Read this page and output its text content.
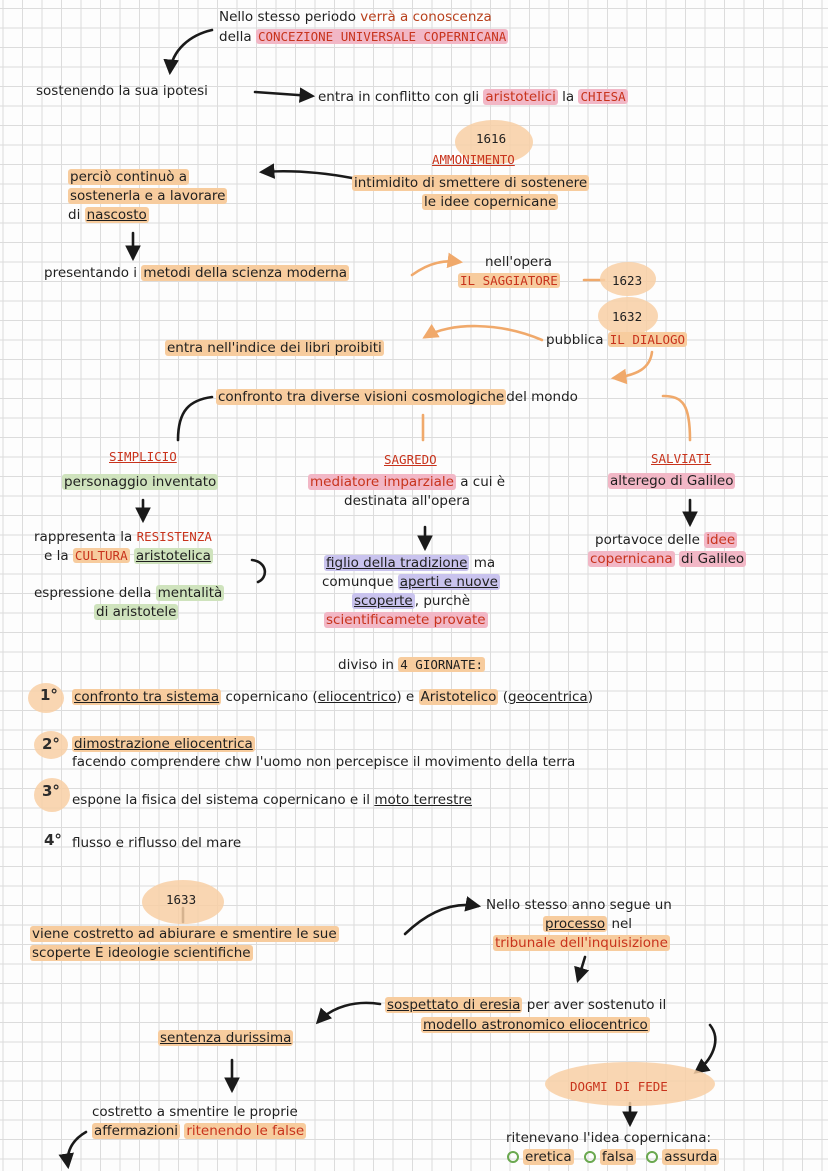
Nello stesso periodo verrà a conoscenza
della CONCEZIONE UNIVERSALE COPERNICANA
sostenendo la sua ipotesi	entra in conflitto con gli aristotelici la CHIESA
1616
AMMONIMENTO
intimidito di smettere di sostenere
le idee copernicane
perciò continuò a
sostenerla e a lavorare
di nascosto
presentando i metodi della scienza moderna
nell'opera
IL SAGGIATORE	1623
1632
pubblica IL DIALOGO
entra nell'indice dei libri proibiti
confronto tra diverse visioni cosmologiche del mondo
SIMPLICIO
personaggio inventato
rappresenta la RESISTENZA
e la CULTURA aristotelica
espressione della mentalità
di aristotele
SAGREDO
mediatore imparziale a cui è
destinata all'opera
figlio della tradizione ma
comunque aperti e nuove
scoperte , purchè
scientificamete provate
SALVIATI
alterego di Galileo
portavoce delle idee
copernicana di Galileo
diviso in 4 GIORNATE:
1° confronto tra sistema copernicano (eliocentrico) e Aristotelico (geocentrica)
2° dimostrazione eliocentrica
facendo comprendere chw l'uomo non percepisce il movimento della terra
3° espone la fisica del sistema copernicano e il moto terrestre
4° flusso e riflusso del mare
1633
viene costretto ad abiurare e smentire le sue
scoperte E ideologie scientifiche
Nello stesso anno segue un
processo nel
tribunale dell'inquisizione
sospettato di eresia per aver sostenuto il
modello astronomico eliocentrico
sentenza durissima
DOGMI DI FEDE
costretto a smentire le proprie
affermazioni ritenendo le false	ritenevano l'idea copernicana:
eretica falsa assurda
